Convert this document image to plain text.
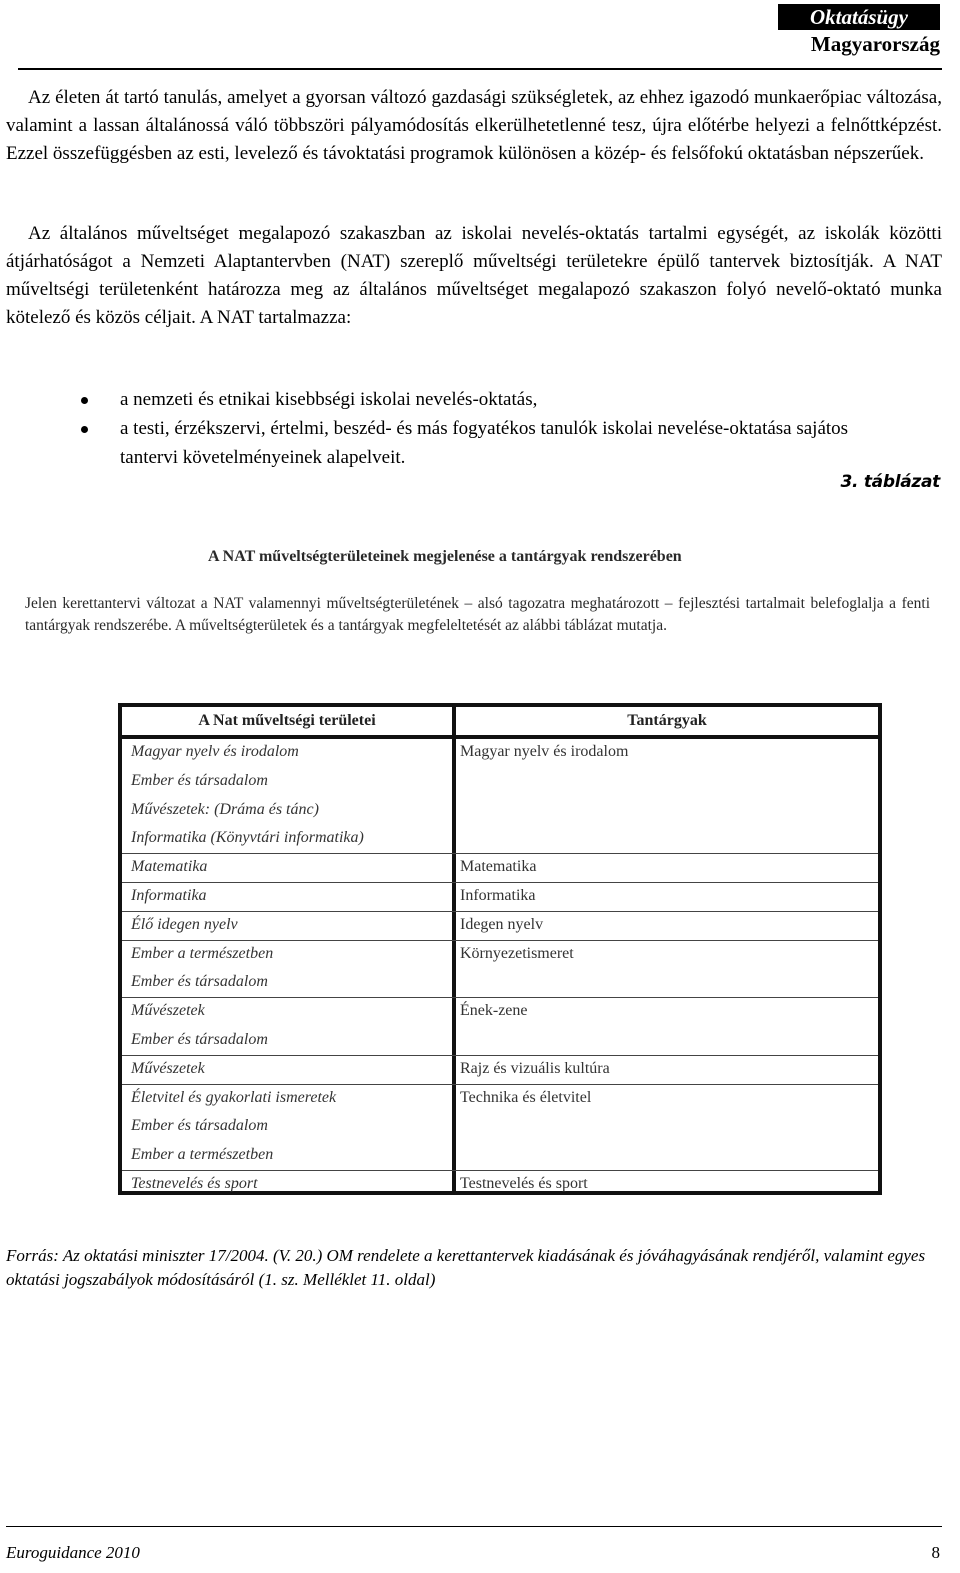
Oktatásügy
Magyarország
Az életen át tartó tanulás, amelyet a gyorsan változó gazdasági szükségletek, az ehhez igazodó munkaerőpiac változása, valamint a lassan általánossá váló többszöri pályamódosítás elkerülhetetlenné tesz, újra előtérbe helyezi a felnőttképzést. Ezzel összefüggésben az esti, levelező és távoktatási programok különösen a közép- és felsőfokú oktatásban népszerűek.
Az általános műveltséget megalapozó szakaszban az iskolai nevelés-oktatás tartalmi egységét, az iskolák közötti átjárhatóságot a Nemzeti Alaptantervben (NAT) szereplő műveltségi területekre épülő tantervek biztosítják. A NAT műveltségi területenként határozza meg az általános műveltséget megalapozó szakaszon folyó nevelő-oktató munka kötelező és közös céljait. A NAT tartalmazza:
a nemzeti és etnikai kisebbségi iskolai nevelés-oktatás,
a testi, érzékszervi, értelmi, beszéd- és más fogyatékos tanulók iskolai nevelése-oktatása sajátos tantervi követelményeinek alapelveit.
3. táblázat
A NAT műveltségterületeinek megjelenése a tantárgyak rendszerében
Jelen kerettantervi változat a NAT valamennyi műveltségterületének – alsó tagozatra meghatározott – fejlesztési tartalmait belefoglalja a fenti tantárgyak rendszerébe. A műveltségterületek és a tantárgyak megfeleltetését az alábbi táblázat mutatja.
A Nat műveltségi területei	Tantárgyak
Magyar nyelv és irodalom	Magyar nyelv és irodalom
Ember és társadalom
Művészetek: (Dráma és tánc)
Informatika (Könyvtári informatika)
Matematika	Matematika
Informatika	Informatika
Élő idegen nyelv	Idegen nyelv
Ember a természetben	Környezetismeret
Ember és társadalom
Művészetek	Ének-zene
Ember és társadalom
Művészetek	Rajz és vizuális kultúra
Életvitel és gyakorlati ismeretek	Technika és életvitel
Ember és társadalom
Ember a természetben
Testnevelés és sport	Testnevelés és sport
Forrás: Az oktatási miniszter 17/2004. (V. 20.) OM rendelete a kerettantervek kiadásának és jóváhagyásának rendjéről, valamint egyes oktatási jogszabályok módosításáról (1. sz. Melléklet 11. oldal)
Euroguidance 2010	8
